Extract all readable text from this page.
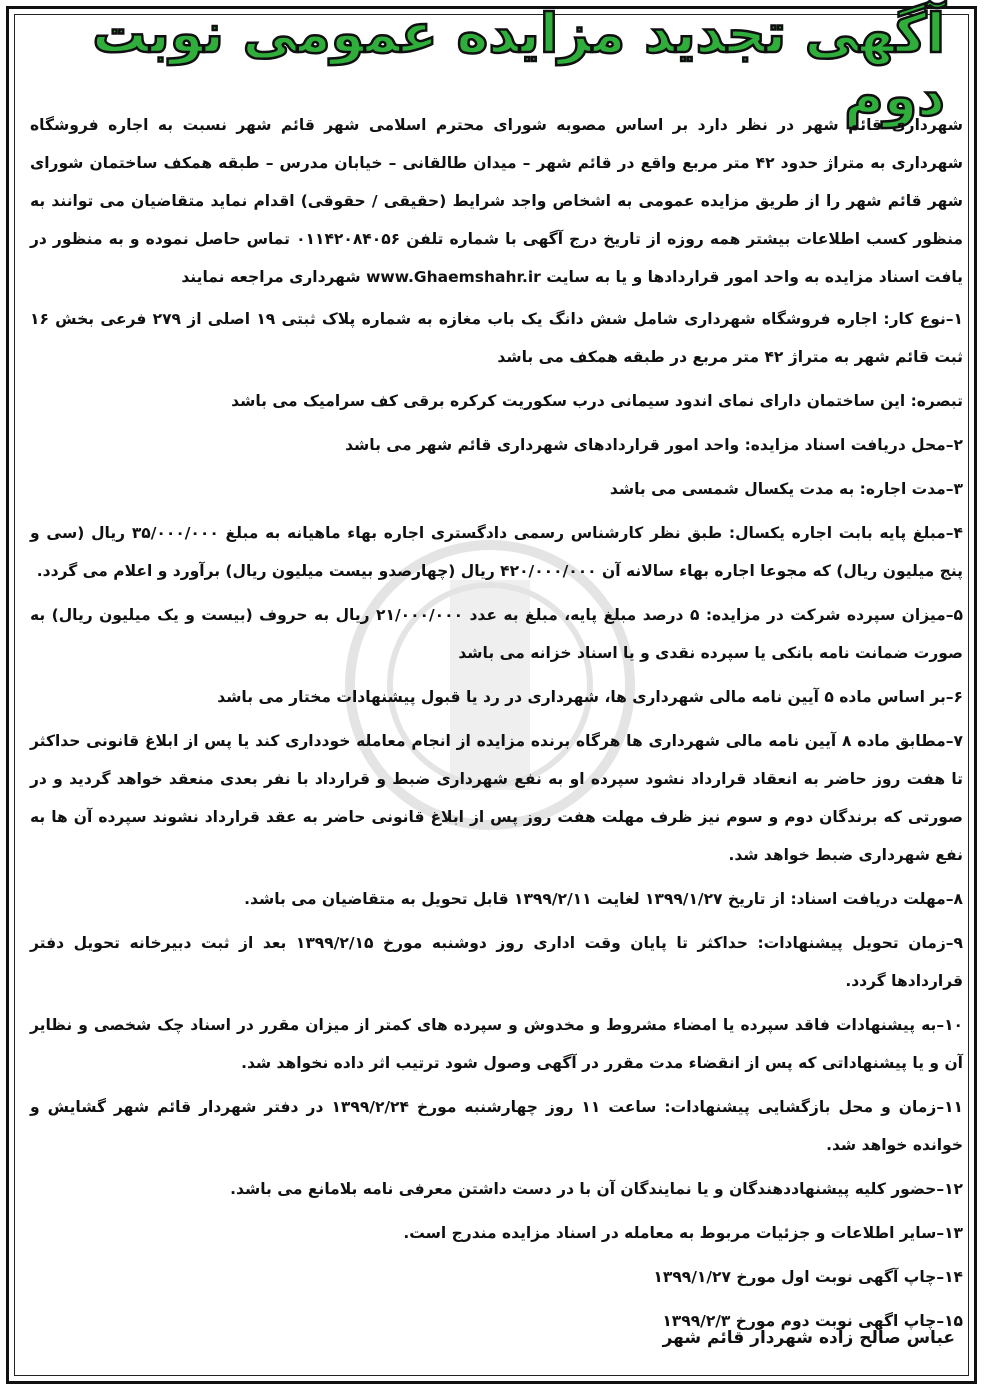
آگهی تجدید مزایده عمومی نوبت دوم

شهرداری قائم شهر در نظر دارد بر اساس مصوبه شورای محترم اسلامی شهر قائم شهر نسبت به اجاره فروشگاه شهرداری به متراژ حدود ۴۲ متر مربع واقع در قائم شهر – میدان طالقانی – خیابان مدرس – طبقه همکف ساختمان شورای شهر قائم شهر را از طریق مزایده عمومی به اشخاص واجد شرایط (حقیقی / حقوقی) اقدام نماید متقاضیان می توانند به منظور کسب اطلاعات بیشتر همه روزه از تاریخ درج آگهی با شماره تلفن ۰۱۱۴۲۰۸۴۰۵۶ تماس حاصل نموده و به منظور در یافت اسناد مزایده به واحد امور قراردادها و یا به سایت www.Ghaemshahr.ir شهرداری مراجعه نمایند

۱–نوع کار: اجاره فروشگاه شهرداری شامل شش دانگ یک باب مغازه به شماره پلاک ثبتی ۱۹ اصلی از ۲۷۹ فرعی بخش ۱۶ ثبت قائم شهر به متراژ ۴۲ متر مربع در طبقه همکف می باشد

تبصره: این ساختمان دارای نمای اندود سیمانی درب سکوریت کرکره برقی کف سرامیک می باشد

۲–محل دریافت اسناد مزایده: واحد امور قراردادهای شهرداری قائم شهر می باشد

۳–مدت اجاره: به مدت یکسال شمسی می باشد

۴–مبلغ پایه بابت اجاره یکسال: طبق نظر کارشناس رسمی دادگستری اجاره بهاء ماهیانه به مبلغ ۳۵/۰۰۰/۰۰۰ ریال (سی و پنج میلیون ریال) که مجوعا اجاره بهاء سالانه آن ۴۲۰/۰۰۰/۰۰۰ ریال (چهارصدو بیست میلیون ریال) برآورد و اعلام می گردد.

۵–میزان سپرده شرکت در مزایده: ۵ درصد مبلغ پایه، مبلغ به عدد ۲۱/۰۰۰/۰۰۰ ریال به حروف (بیست و یک میلیون ریال) به صورت ضمانت نامه بانکی یا سپرده نقدی و یا اسناد خزانه می باشد

۶–بر اساس ماده ۵ آیین نامه مالی شهرداری ها، شهرداری در رد یا قبول پیشنهادات مختار می باشد

۷–مطابق ماده ۸ آیین نامه مالی شهرداری ها هرگاه برنده مزایده از انجام معامله خودداری کند یا پس از ابلاغ قانونی حداکثر تا هفت روز حاضر به انعقاد قرارداد نشود سپرده او به نفع شهرداری ضبط و قرارداد با نفر بعدی منعقد خواهد گردید و در صورتی که برندگان دوم و سوم نیز ظرف مهلت هفت روز پس از ابلاغ قانونی حاضر به عقد قرارداد نشوند سپرده آن ها به نفع شهرداری ضبط خواهد شد.

۸–مهلت دریافت اسناد: از تاریخ ۱۳۹۹/۱/۲۷ لغایت ۱۳۹۹/۲/۱۱ قابل تحویل به متقاضیان می باشد.

۹–زمان تحویل پیشنهادات: حداکثر تا پایان وقت اداری روز دوشنبه مورخ ۱۳۹۹/۲/۱۵ بعد از ثبت دبیرخانه تحویل دفتر قراردادها گردد.

۱۰–به پیشنهادات فاقد سپرده یا امضاء مشروط و مخدوش و سپرده های کمتر از میزان مقرر در اسناد چک شخصی و نظایر آن و یا پیشنهاداتی که پس از انقضاء مدت مقرر در آگهی وصول شود ترتیب اثر داده نخواهد شد.

۱۱–زمان و محل بازگشایی پیشنهادات: ساعت ۱۱ روز چهارشنبه مورخ ۱۳۹۹/۲/۲۴ در دفتر شهردار قائم شهر گشایش و خوانده خواهد شد.

۱۲–حضور کلیه پیشنهاددهندگان و یا نمایندگان آن با در دست داشتن معرفی نامه بلامانع می باشد.

۱۳–سایر اطلاعات و جزئیات مربوط به معامله در اسناد مزایده مندرج است.

۱۴–چاپ آگهی نوبت اول مورخ ۱۳۹۹/۱/۲۷

۱۵–چاپ اگهی نوبت دوم مورخ ۱۳۹۹/۲/۳

عباس صالح زاده شهردار قائم شهر
